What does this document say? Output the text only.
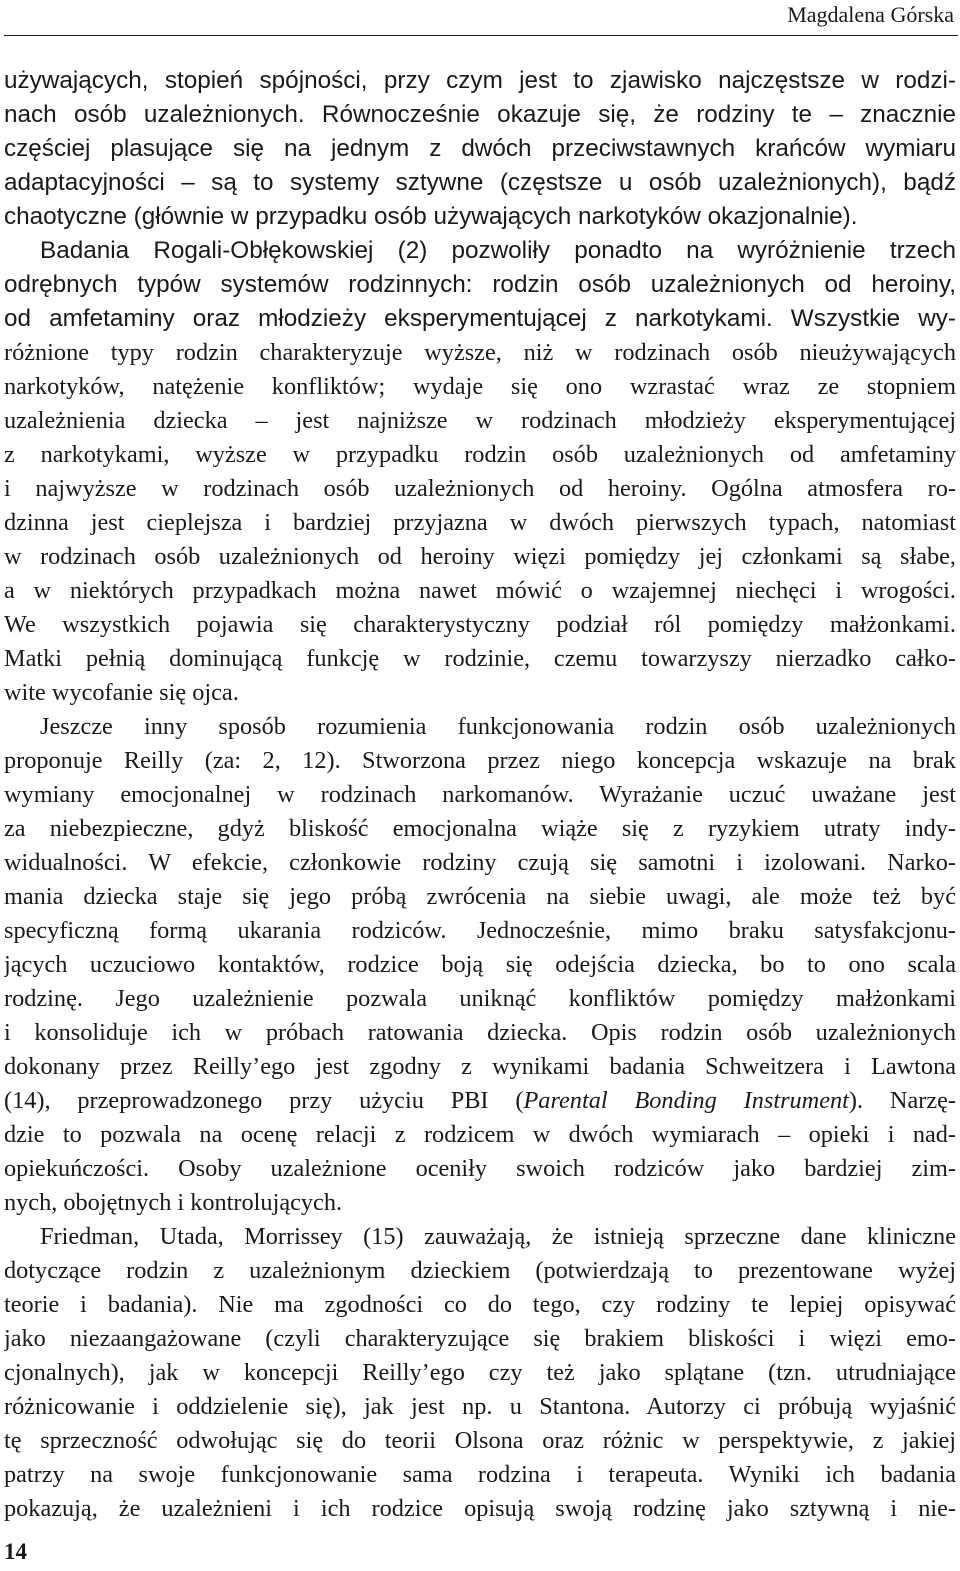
Magdalena Górska
używających, stopień spójności, przy czym jest to zjawisko najczęstsze w rodzi-
nach osób uzależnionych. Równocześnie okazuje się, że rodziny te – znacznie
częściej plasujące się na jednym z dwóch przeciwstawnych krańców wymiaru
adaptacyjności – są to systemy sztywne (częstsze u osób uzależnionych), bądź
chaotyczne (głównie w przypadku osób używających narkotyków okazjonalnie).
Badania Rogali-Obłękowskiej (2) pozwoliły ponadto na wyróżnienie trzech
odrębnych typów systemów rodzinnych: rodzin osób uzależnionych od heroiny,
od amfetaminy oraz młodzieży eksperymentującej z narkotykami. Wszystkie wy-
różnione typy rodzin charakteryzuje wyższe, niż w rodzinach osób nieużywających
narkotyków, natężenie konfliktów; wydaje się ono wzrastać wraz ze stopniem
uzależnienia dziecka – jest najniższe w rodzinach młodzieży eksperymentującej
z narkotykami, wyższe w przypadku rodzin osób uzależnionych od amfetaminy
i najwyższe w rodzinach osób uzależnionych od heroiny. Ogólna atmosfera ro-
dzinna jest cieplejsza i bardziej przyjazna w dwóch pierwszych typach, natomiast
w rodzinach osób uzależnionych od heroiny więzi pomiędzy jej członkami są słabe,
a w niektórych przypadkach można nawet mówić o wzajemnej niechęci i wrogości.
We wszystkich pojawia się charakterystyczny podział ról pomiędzy małżonkami.
Matki pełnią dominującą funkcję w rodzinie, czemu towarzyszy nierzadko całko-
wite wycofanie się ojca.
Jeszcze inny sposób rozumienia funkcjonowania rodzin osób uzależnionych
proponuje Reilly (za: 2, 12). Stworzona przez niego koncepcja wskazuje na brak
wymiany emocjonalnej w rodzinach narkomanów. Wyrażanie uczuć uważane jest
za niebezpieczne, gdyż bliskość emocjonalna wiąże się z ryzykiem utraty indy-
widualności. W efekcie, członkowie rodziny czują się samotni i izolowani. Narko-
mania dziecka staje się jego próbą zwrócenia na siebie uwagi, ale może też być
specyficzną formą ukarania rodziców. Jednocześnie, mimo braku satysfakcjonu-
jących uczuciowo kontaktów, rodzice boją się odejścia dziecka, bo to ono scala
rodzinę. Jego uzależnienie pozwala uniknąć konfliktów pomiędzy małżonkami
i konsoliduje ich w próbach ratowania dziecka. Opis rodzin osób uzależnionych
dokonany przez Reilly’ego jest zgodny z wynikami badania Schweitzera i Lawtona
(14), przeprowadzonego przy użyciu PBI (Parental Bonding Instrument). Narzę-
dzie to pozwala na ocenę relacji z rodzicem w dwóch wymiarach – opieki i nad-
opiekuńczości. Osoby uzależnione oceniły swoich rodziców jako bardziej zim-
nych, obojętnych i kontrolujących.
Friedman, Utada, Morrissey (15) zauważają, że istnieją sprzeczne dane kliniczne
dotyczące rodzin z uzależnionym dzieckiem (potwierdzają to prezentowane wyżej
teorie i badania). Nie ma zgodności co do tego, czy rodziny te lepiej opisywać
jako niezaangażowane (czyli charakteryzujące się brakiem bliskości i więzi emo-
cjonalnych), jak w koncepcji Reilly’ego czy też jako splątane (tzn. utrudniające
różnicowanie i oddzielenie się), jak jest np. u Stantona. Autorzy ci próbują wyjaśnić
tę sprzeczność odwołując się do teorii Olsona oraz różnic w perspektywie, z jakiej
patrzy na swoje funkcjonowanie sama rodzina i terapeuta. Wyniki ich badania
pokazują, że uzależnieni i ich rodzice opisują swoją rodzinę jako sztywną i nie-
14
